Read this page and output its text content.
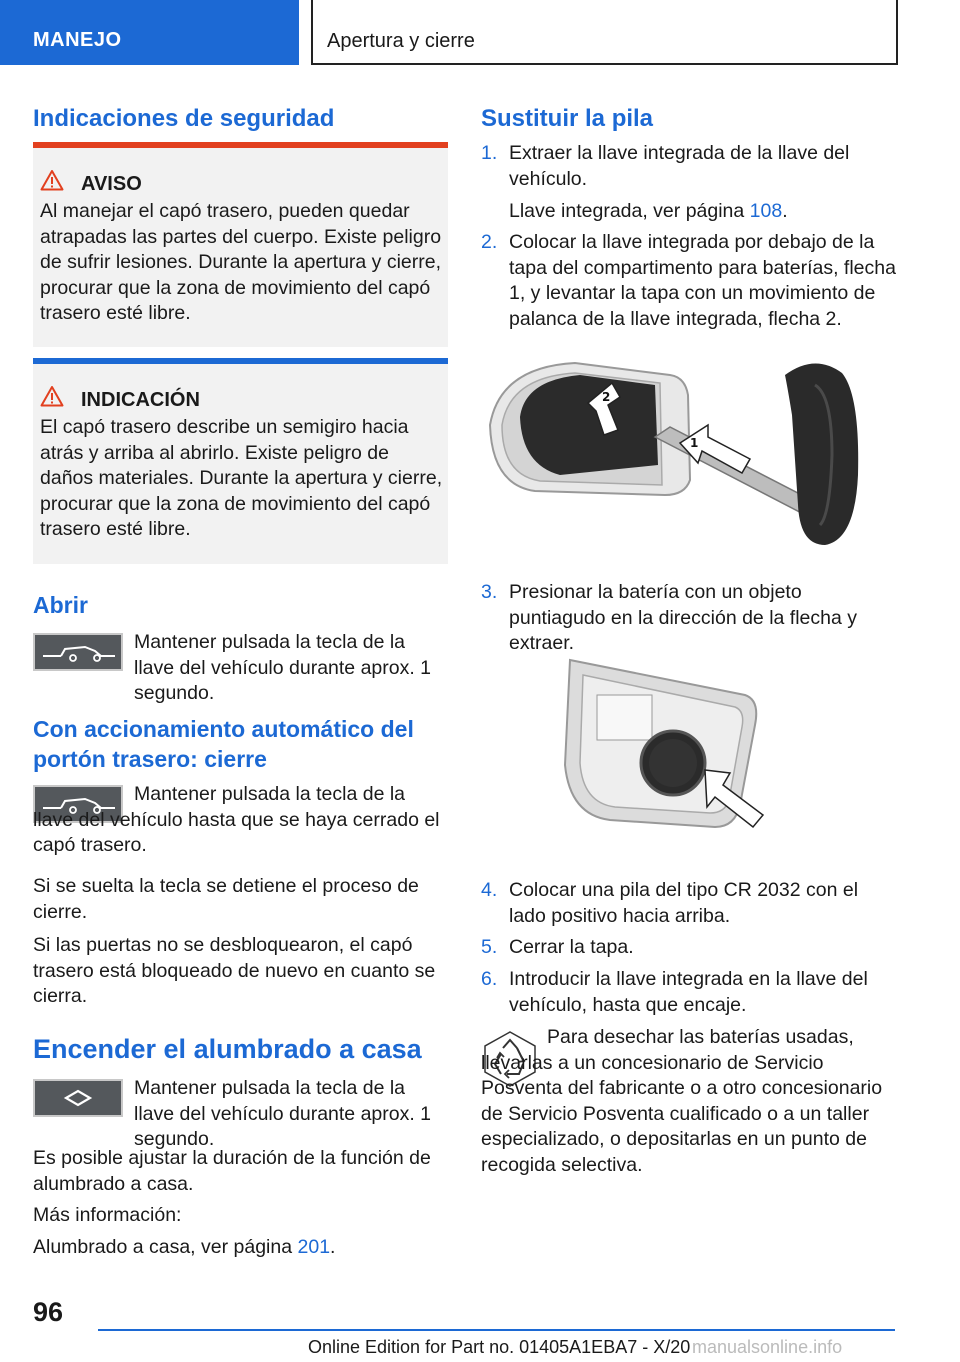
MANEJO	Apertura y cierre
Indicaciones de seguridad
AVISO

Al manejar el capó trasero, pueden quedar atrapadas las partes del cuerpo. Existe peligro de sufrir lesiones. Durante la apertura y cierre, procurar que la zona de movimiento del capó trasero esté libre.

INDICACIÓN

El capó trasero describe un semigiro hacia atrás y arriba al abrirlo. Existe peligro de daños materiales. Durante la apertura y cierre, procurar que la zona de movimiento del capó trasero esté libre.

Abrir

Mantener pulsada la tecla de la llave del vehículo durante aprox. 1 segundo.

Con accionamiento automático del portón trasero: cierre

Mantener pulsada la tecla de la llave del vehículo hasta que se haya cerrado el capó trasero.

Si se suelta la tecla se detiene el proceso de cierre.

Si las puertas no se desbloquearon, el capó trasero está bloqueado de nuevo en cuanto se cierra.

Encender el alumbrado a casa

Mantener pulsada la tecla de la llave del vehículo durante aprox. 1 segundo.

Es posible ajustar la duración de la función de alumbrado a casa.

Más información:

Alumbrado a casa, ver página 201.

Sustituir la pila
1. Extraer la llave integrada de la llave del vehículo.

Llave integrada, ver página 108.

2. Colocar la llave integrada por debajo de la tapa del compartimento para baterías, flecha 1, y levantar la tapa con un movimiento de palanca de la llave integrada, flecha 2.

2
1
3. Presionar la batería con un objeto puntiagudo en la dirección de la flecha y extraer.

4. Colocar una pila del tipo CR 2032 con el lado positivo hacia arriba.

5. Cerrar la tapa.

6. Introducir la llave integrada en la llave del vehículo, hasta que encaje.

Para desechar las baterías usadas, llevarlas a un concesionario de Servicio Posventa del fabricante o a otro concesionario de Servicio Posventa cualificado o a un taller especializado, o depositarlas en un punto de recogida selectiva.

96
Online Edition for Part no. 01405A1EBA7 - X/20 manualsonline.info
